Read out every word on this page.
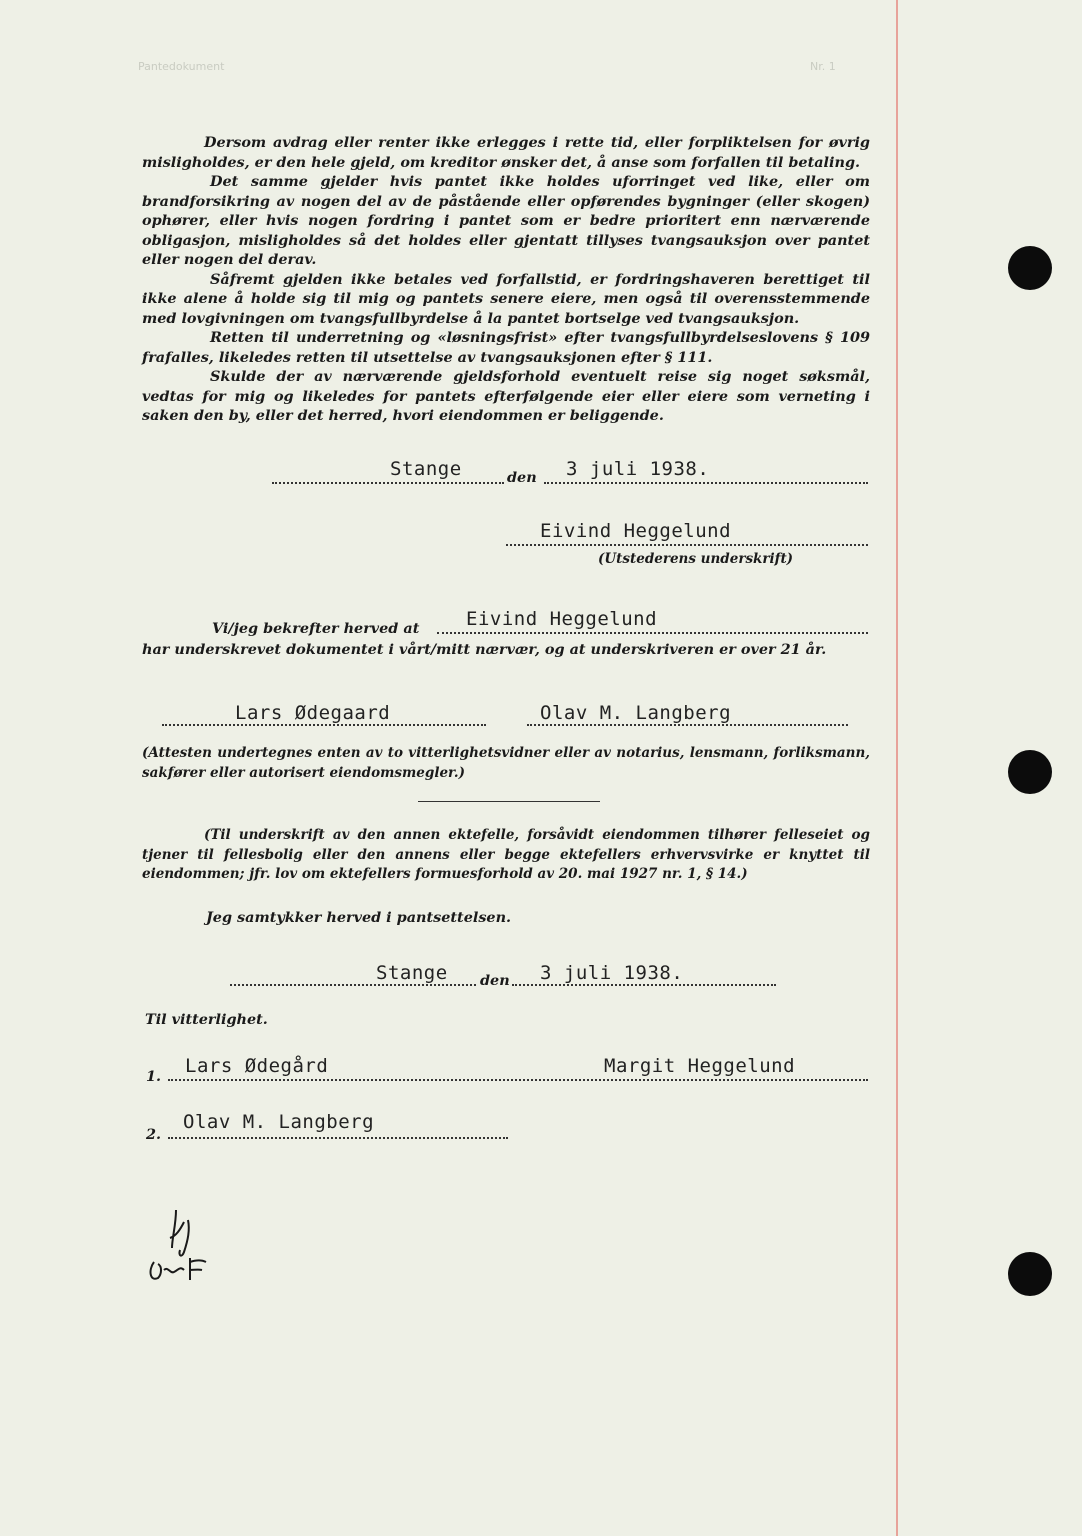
Pantedokument	Nr. 1

Dersom avdrag eller renter ikke erlegges i rette tid, eller forpliktelsen for øvrig misligholdes, er den hele gjeld, om kreditor ønsker det, å anse som forfallen til betaling.

Det samme gjelder hvis pantet ikke holdes uforringet ved like, eller om brandforsikring av nogen del av de påstående eller opførendes bygninger (eller skogen) ophører, eller hvis nogen fordring i pantet som er bedre prioritert enn nærværende obligasjon, misligholdes så det holdes eller gjentatt tillyses tvangsauksjon over pantet eller nogen del derav.

Såfremt gjelden ikke betales ved forfallstid, er fordringshaveren berettiget til ikke alene å holde sig til mig og pantets senere eiere, men også til overensstemmende med lovgivningen om tvangsfullbyrdelse å la pantet bortselge ved tvangsauksjon.

Retten til underretning og «løsningsfrist» efter tvangsfullbyrdelseslovens § 109 frafalles, likeledes retten til utsettelse av tvangsauksjonen efter § 111.

Skulde der av nærværende gjeldsforhold eventuelt reise sig noget søksmål, vedtas for mig og likeledes for pantets efterfølgende eier eller eiere som verneting i saken den by, eller det herred, hvori eiendommen er beliggende.

Stange	den 3 juli 1938.
Eivind Heggelund
(Utstederens underskrift)
Vi/jeg bekrefter herved at Eivind Heggelund
har underskrevet dokumentet i vårt/mitt nærvær, og at underskriveren er over 21 år.
Lars Ødegaard	Olav M. Langberg

(Attesten undertegnes enten av to vitterlighetsvidner eller av notarius, lensmann, forliksmann, sakfører eller autorisert eiendomsmegler.)

(Til underskrift av den annen ektefelle, forsåvidt eiendommen tilhører felleseiet og tjener til fellesbolig eller den annens eller begge ektefellers erhvervsvirke er knyttet til eiendommen; jfr. lov om ektefellers formuesforhold av 20. mai 1927 nr. 1, § 14.)

Jeg samtykker herved i pantsettelsen.
Stange den 3 juli 1938.
Til vitterlighet.
1. Lars Ødegård	Margit Heggelund
2.
Olav M. Langberg
